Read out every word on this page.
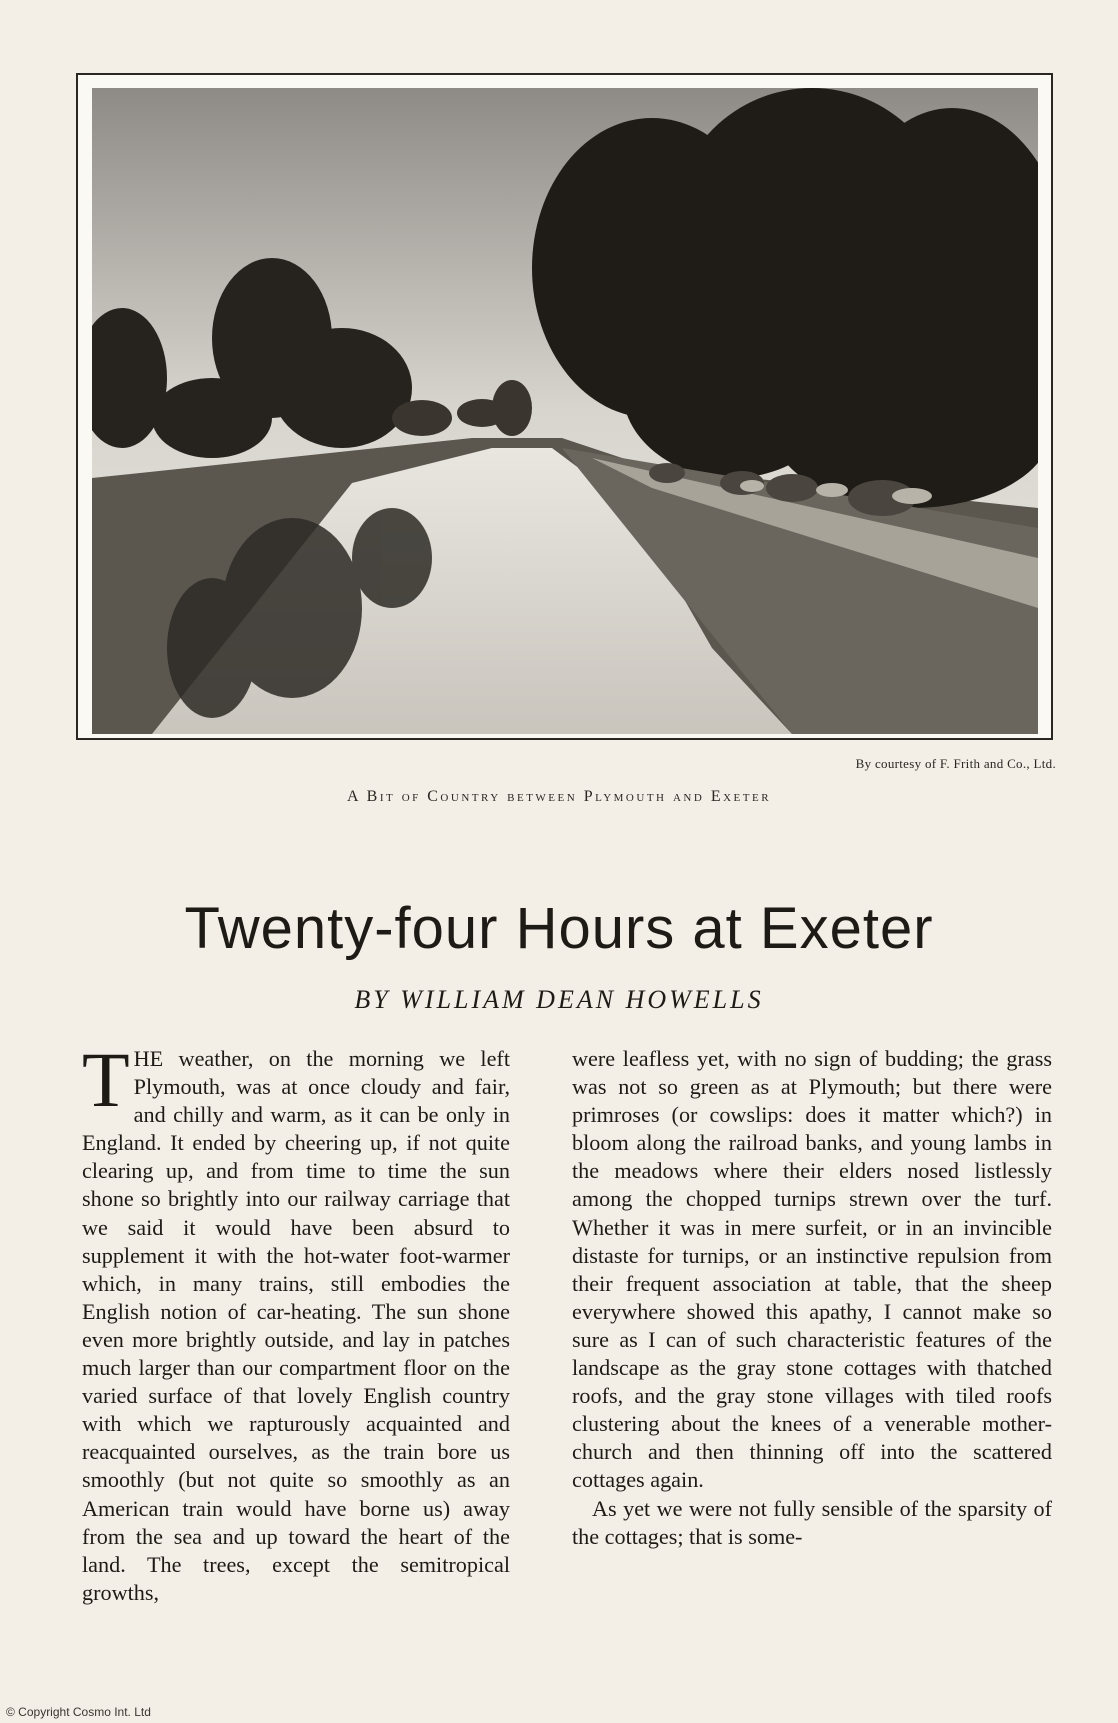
By courtesy of F. Frith and Co., Ltd.
A Bit of Country between Plymouth and Exeter
Twenty-four Hours at Exeter
BY WILLIAM DEAN HOWELLS

THE weather, on the morning we left Plymouth, was at once cloudy and fair, and chilly and warm, as it can be only in England. It ended by cheering up, if not quite clearing up, and from time to time the sun shone so brightly into our railway carriage that we said it would have been absurd to supplement it with the hot-water foot-warmer which, in many trains, still embodies the English notion of car-heating. The sun shone even more brightly outside, and lay in patches much larger than our compartment floor on the varied surface of that lovely English country with which we rapturously acquainted and reacquainted ourselves, as the train bore us smoothly (but not quite so smoothly as an American train would have borne us) away from the sea and up toward the heart of the land. The trees, except the semitropical growths,

were leafless yet, with no sign of budding; the grass was not so green as at Plymouth; but there were primroses (or cowslips: does it matter which?) in bloom along the railroad banks, and young lambs in the meadows where their elders nosed listlessly among the chopped turnips strewn over the turf. Whether it was in mere surfeit, or in an invincible distaste for turnips, or an instinctive repulsion from their frequent association at table, that the sheep everywhere showed this apathy, I cannot make so sure as I can of such characteristic features of the landscape as the gray stone cottages with thatched roofs, and the gray stone villages with tiled roofs clustering about the knees of a venerable mother-church and then thinning off into the scattered cottages again.

As yet we were not fully sensible of the sparsity of the cottages; that is some-

© Copyright Cosmo Int. Ltd
